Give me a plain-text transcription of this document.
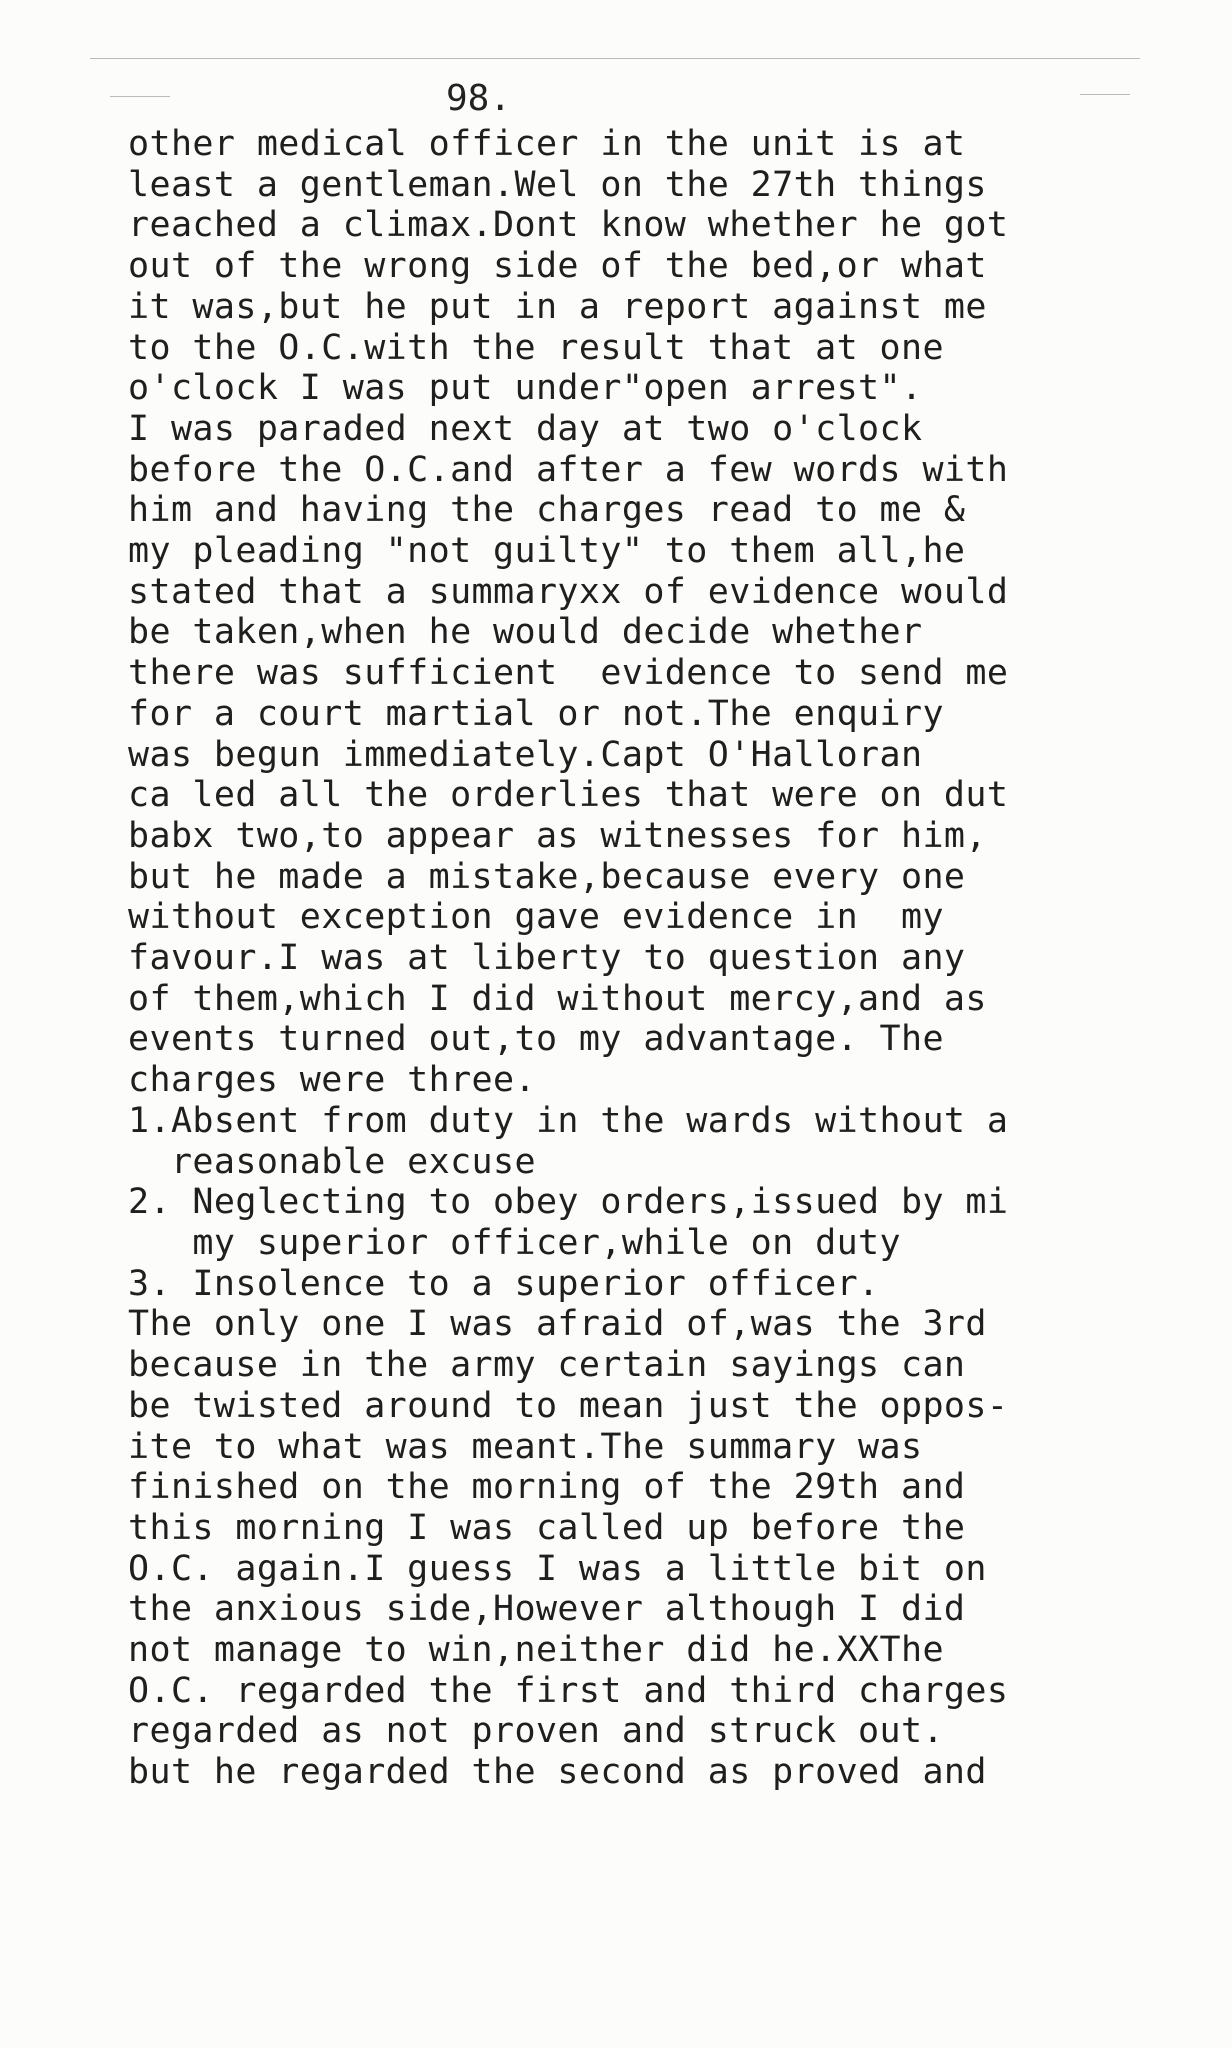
98.
other medical officer in the unit is at
least a gentleman.Wel on the 27th things
reached a climax.Dont know whether he got
out of the wrong side of the bed,or what
it was,but he put in a report against me
to the O.C.with the result that at one
o'clock I was put under"open arrest".
I was paraded next day at two o'clock
before the O.C.and after a few words with
him and having the charges read to me &
my pleading "not guilty" to them all,he
stated that a summaryxx of evidence would
be taken,when he would decide whether
there was sufficient  evidence to send me
for a court martial or not.The enquiry
was begun immediately.Capt O'Halloran
ca led all the orderlies that were on dut
babx two,to appear as witnesses for him,
but he made a mistake,because every one
without exception gave evidence in  my
favour.I was at liberty to question any
of them,which I did without mercy,and as
events turned out,to my advantage. The
charges were three.
1.Absent from duty in the wards without a
reasonable excuse
2. Neglecting to obey orders,issued by mi
my superior officer,while on duty
3. Insolence to a superior officer.
The only one I was afraid of,was the 3rd
because in the army certain sayings can
be twisted around to mean just the oppos-
ite to what was meant.The summary was
finished on the morning of the 29th and
this morning I was called up before the
O.C. again.I guess I was a little bit on
the anxious side,However although I did
not manage to win,neither did he.XXThe
O.C. regarded the first and third charges
regarded as not proven and struck out.
but he regarded the second as proved and
